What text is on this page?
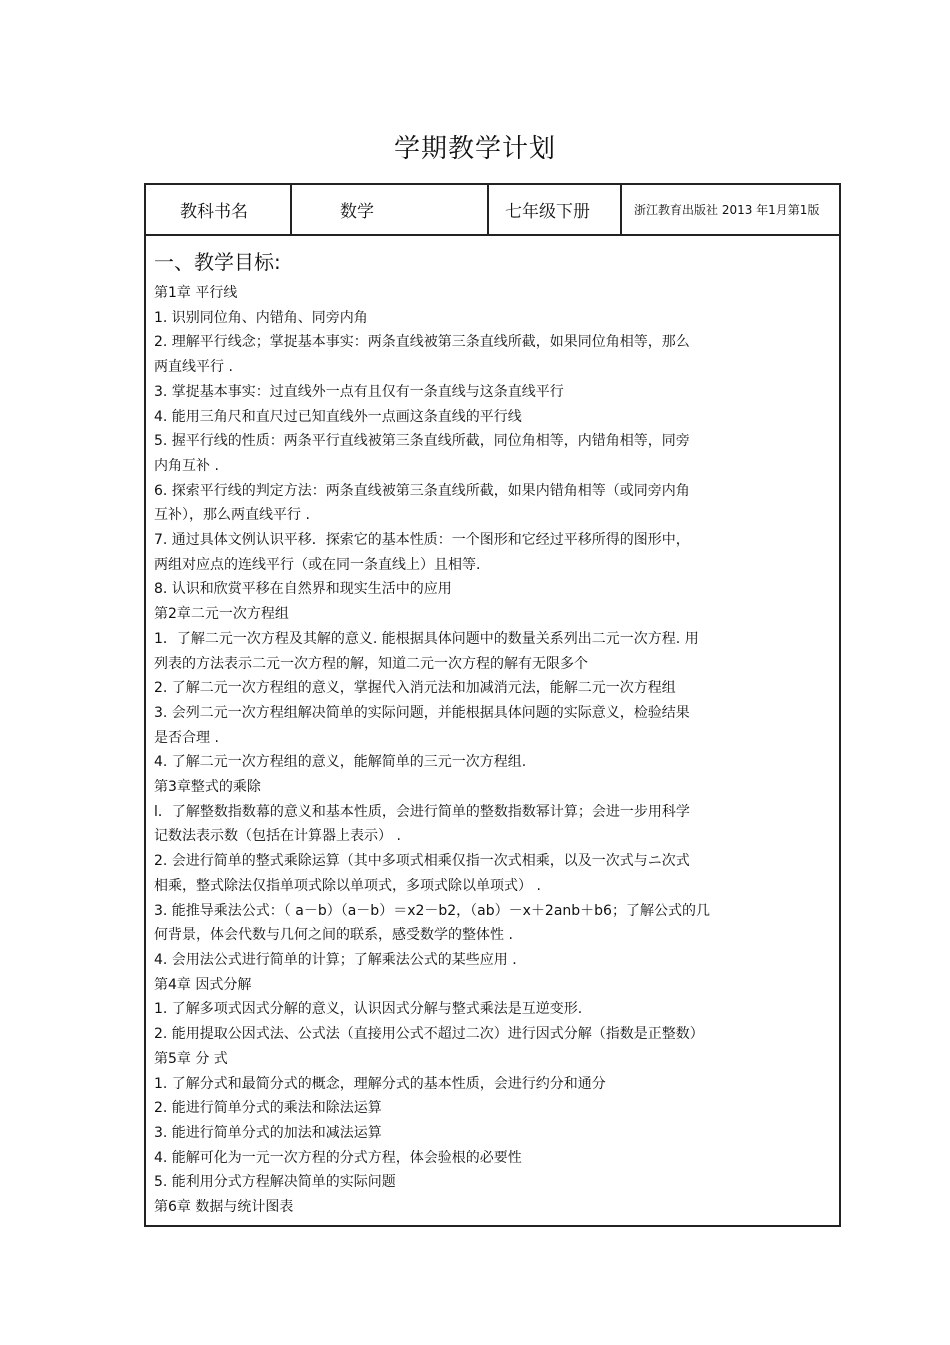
学期教学计划
教科书名	数学	七年级下册	浙江教育出版社 2013 年1月第1版
一、教学目标:
第1章 平行线
1. 识别同位角、内错角、同旁内角
2. 理解平行线念；掌捉基本事实：两条直线被第三条直线所截，如果同位角相等，那么
两直线平行 .
3. 掌捉基本事实：过直线外一点有且仅有一条直线与这条直线平行
4. 能用三角尺和直尺过已知直线外一点画这条直线的平行线
5. 握平行线的性质：两条平行直线被第三条直线所截，同位角相等，内错角相等，同旁
内角互补 .
6. 探索平行线的判定方法：两条直线被第三条直线所截，如果内错角相等（或同旁内角
互补），那么两直线平行 .
7. 通过具体文例认识平移．探索它的基本性质：一个图形和它经过平移所得的图形中，
两组对应点的连线平行（或在同一条直线上）且相等.
8. 认识和欣赏平移在自然界和现实生活中的应用
第2章二元一次方程组
1．了解二元一次方程及其解的意义. 能根据具体问题中的数量关系列出二元一次方程. 用
列表的方法表示二元一次方程的解，知道二元一次方程的解有无限多个
2. 了解二元一次方程组的意义，掌握代入消元法和加减消元法，能解二元一次方程组
3. 会列二元一次方程组解决简单的实际问题，并能根据具体问题的实际意义，检验结果
是否合理 .
4. 了解二元一次方程组的意义，能解简单的三元一次方程组.
第3章整式的乘除
l．了解整数指数幕的意义和基本性质，会进行简单的整数指数幂计算；会进一步用科学
记数法表示数（包括在计算器上表示） .
2. 会进行简单的整式乘除运算（其中多项式相乘仅指一次式相乘，以及一次式与ニ次式
相乘，整式除法仅指单项式除以单项式，多项式除以单项式） .
3. 能推导乘法公式：（ a－b）（a－b）＝x2－b2，（ab）－x＋2anb＋b6；了解公式的几
何背景，体会代数与几何之间的联系，感受数学的整体性 .
4. 会用法公式进行简单的计算；了解乘法公式的某些应用 .
第4章 因式分解
1. 了解多项式因式分解的意义，认识因式分解与整式乘法是互逆变形.
2. 能用提取公因式法、公式法（直接用公式不超过二次）进行因式分解（指数是正整数）
第5章 分 式
1. 了解分式和最简分式的概念，理解分式的基本性质，会进行约分和通分
2. 能进行简单分式的乘法和除法运算
3. 能进行简单分式的加法和减法运算
4. 能解可化为一元一次方程的分式方程，体会验根的必要性
5. 能利用分式方程解决简单的实际问题
第6章 数据与统计图表
